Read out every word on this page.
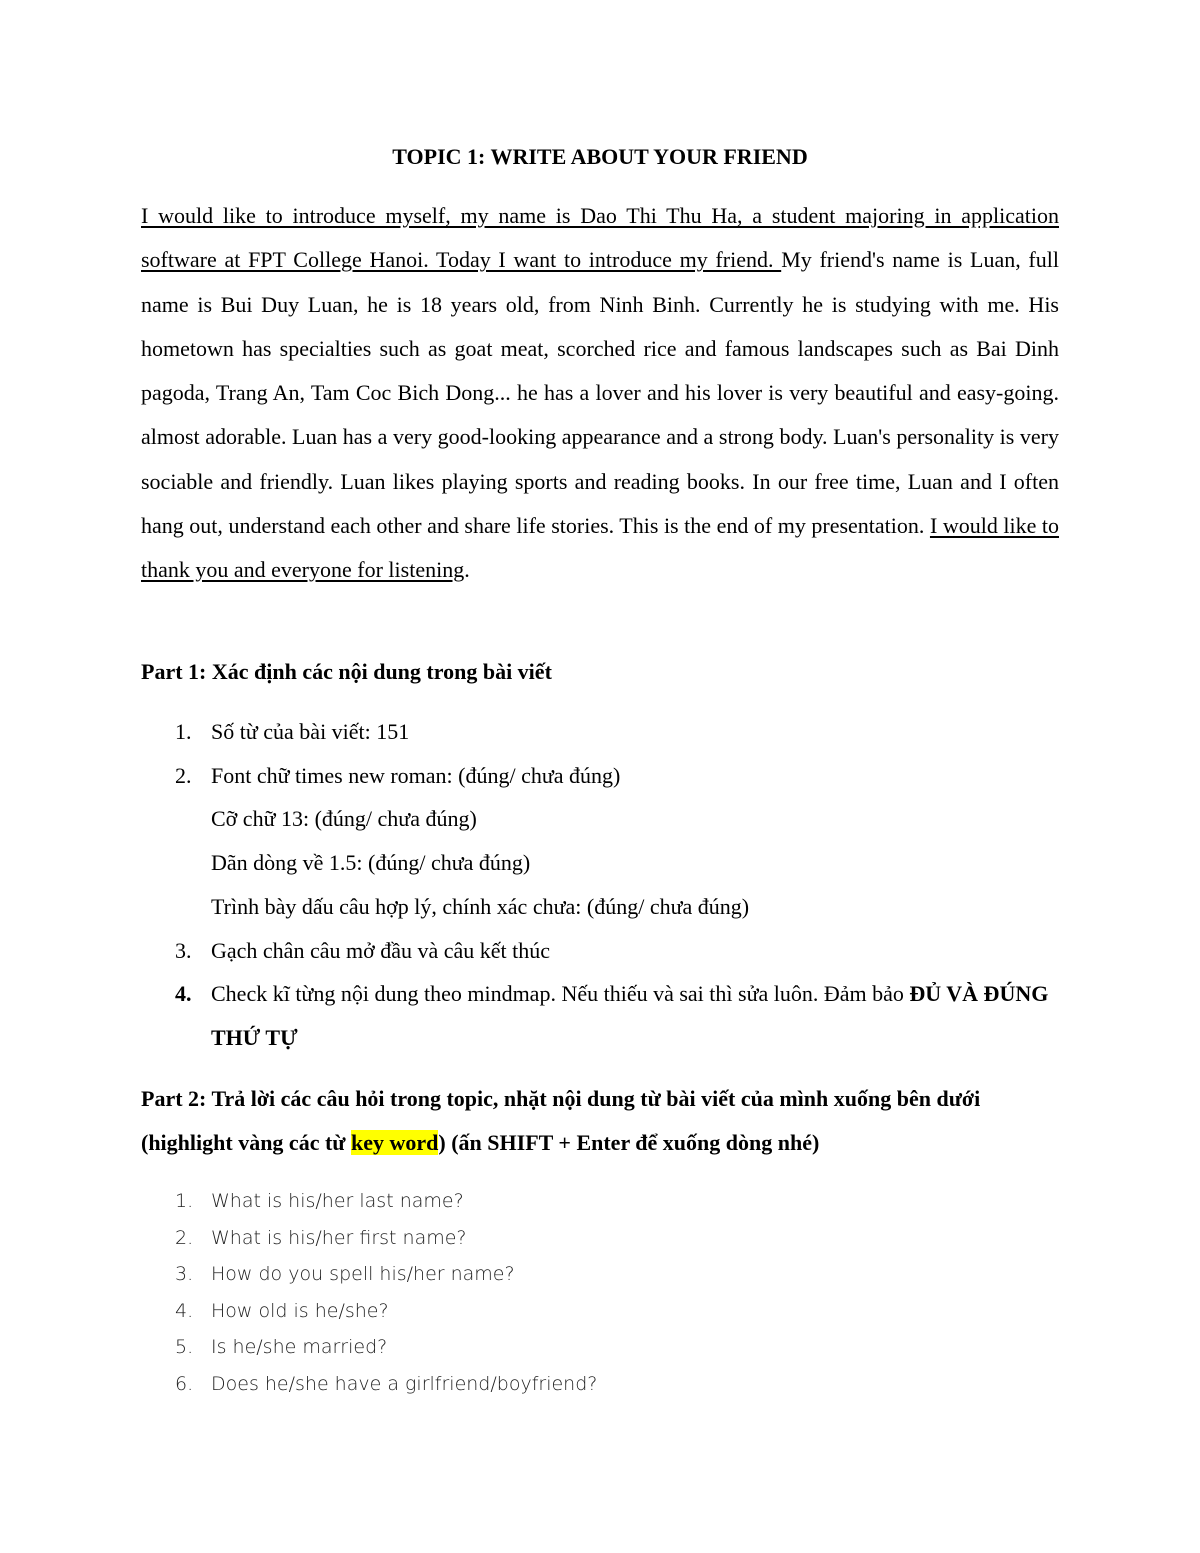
TOPIC 1: WRITE ABOUT YOUR FRIEND

I would like to introduce myself, my name is Dao Thi Thu Ha, a student majoring in application software at FPT College Hanoi. Today I want to introduce my friend. My friend's name is Luan, full name is Bui Duy Luan, he is 18 years old, from Ninh Binh. Currently he is studying with me. His hometown has specialties such as goat meat, scorched rice and famous landscapes such as Bai Dinh pagoda, Trang An, Tam Coc Bich Dong... he has a lover and his lover is very beautiful and easy-going. almost adorable. Luan has a very good-looking appearance and a strong body. Luan's personality is very sociable and friendly. Luan likes playing sports and reading books. In our free time, Luan and I often hang out, understand each other and share life stories. This is the end of my presentation. I would like to thank you and everyone for listening.

Part 1: Xác định các nội dung trong bài viết
1. Số từ của bài viết: 151
2. Font chữ times new roman: (đúng/ chưa đúng)
Cỡ chữ 13: (đúng/ chưa đúng)
Dãn dòng về 1.5: (đúng/ chưa đúng)
Trình bày dấu câu hợp lý, chính xác chưa: (đúng/ chưa đúng)
3. Gạch chân câu mở đầu và câu kết thúc
4. Check kĩ từng nội dung theo mindmap. Nếu thiếu và sai thì sửa luôn. Đảm bảo ĐỦ VÀ ĐÚNG THỨ TỰ
Part 2: Trả lời các câu hỏi trong topic, nhặt nội dung từ bài viết của mình xuống bên dưới (highlight vàng các từ key word) (ấn SHIFT + Enter để xuống dòng nhé)
1. What is his/her last name?
2. What is his/her first name?
3. How do you spell his/her name?
4. How old is he/she?
5. Is he/she married?
6. Does he/she have a girlfriend/boyfriend?
